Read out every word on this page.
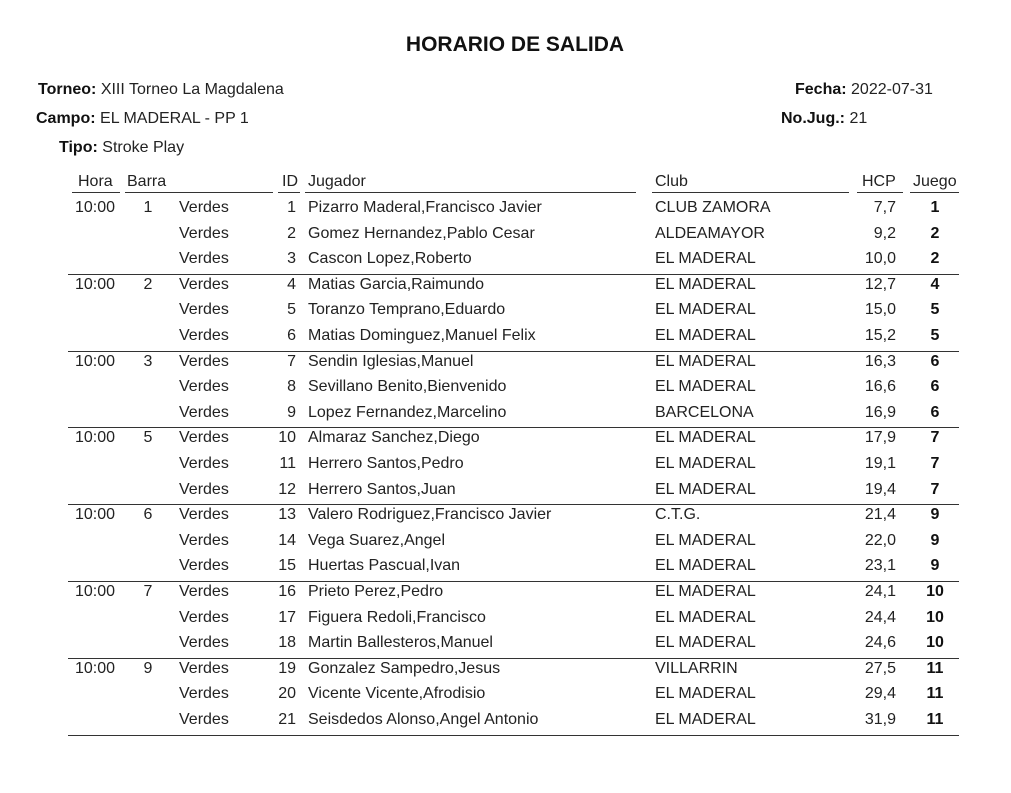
HORARIO DE SALIDA
Torneo: XIII Torneo La Magdalena
Campo: EL MADERAL - PP 1
Tipo: Stroke Play
Fecha: 2022-07-31
No.Jug.: 21
Hora Barra	ID Jugador	Club	HCP Juego
10:00	1	Verdes	1 Pizarro Maderal,Francisco Javier	CLUB ZAMORA	7,7	1
Verdes	2 Gomez Hernandez,Pablo Cesar	ALDEAMAYOR	9,2	2
Verdes	3 Cascon Lopez,Roberto	EL MADERAL	10,0	2
10:00	2	Verdes	4 Matias Garcia,Raimundo	EL MADERAL	12,7	4
Verdes	5 Toranzo Temprano,Eduardo	EL MADERAL	15,0	5
Verdes	6 Matias Dominguez,Manuel Felix	EL MADERAL	15,2	5
10:00	3	Verdes	7 Sendin Iglesias,Manuel	EL MADERAL	16,3	6
Verdes	8 Sevillano Benito,Bienvenido	EL MADERAL	16,6	6
Verdes	9 Lopez Fernandez,Marcelino	BARCELONA	16,9	6
10:00	5	Verdes	10 Almaraz Sanchez,Diego	EL MADERAL	17,9	7
Verdes	11 Herrero Santos,Pedro	EL MADERAL	19,1	7
Verdes	12 Herrero Santos,Juan	EL MADERAL	19,4	7
10:00	6	Verdes	13 Valero Rodriguez,Francisco Javier	C.T.G.	21,4	9
Verdes	14 Vega Suarez,Angel	EL MADERAL	22,0	9
Verdes	15 Huertas Pascual,Ivan	EL MADERAL	23,1	9
10:00	7	Verdes	16 Prieto Perez,Pedro	EL MADERAL	24,1	10
Verdes	17 Figuera Redoli,Francisco	EL MADERAL	24,4	10
Verdes	18 Martin Ballesteros,Manuel	EL MADERAL	24,6	10
10:00	9	Verdes	19 Gonzalez Sampedro,Jesus	VILLARRIN	27,5	11
Verdes	20 Vicente Vicente,Afrodisio	EL MADERAL	29,4	11
Verdes	21 Seisdedos Alonso,Angel Antonio	EL MADERAL	31,9	11
